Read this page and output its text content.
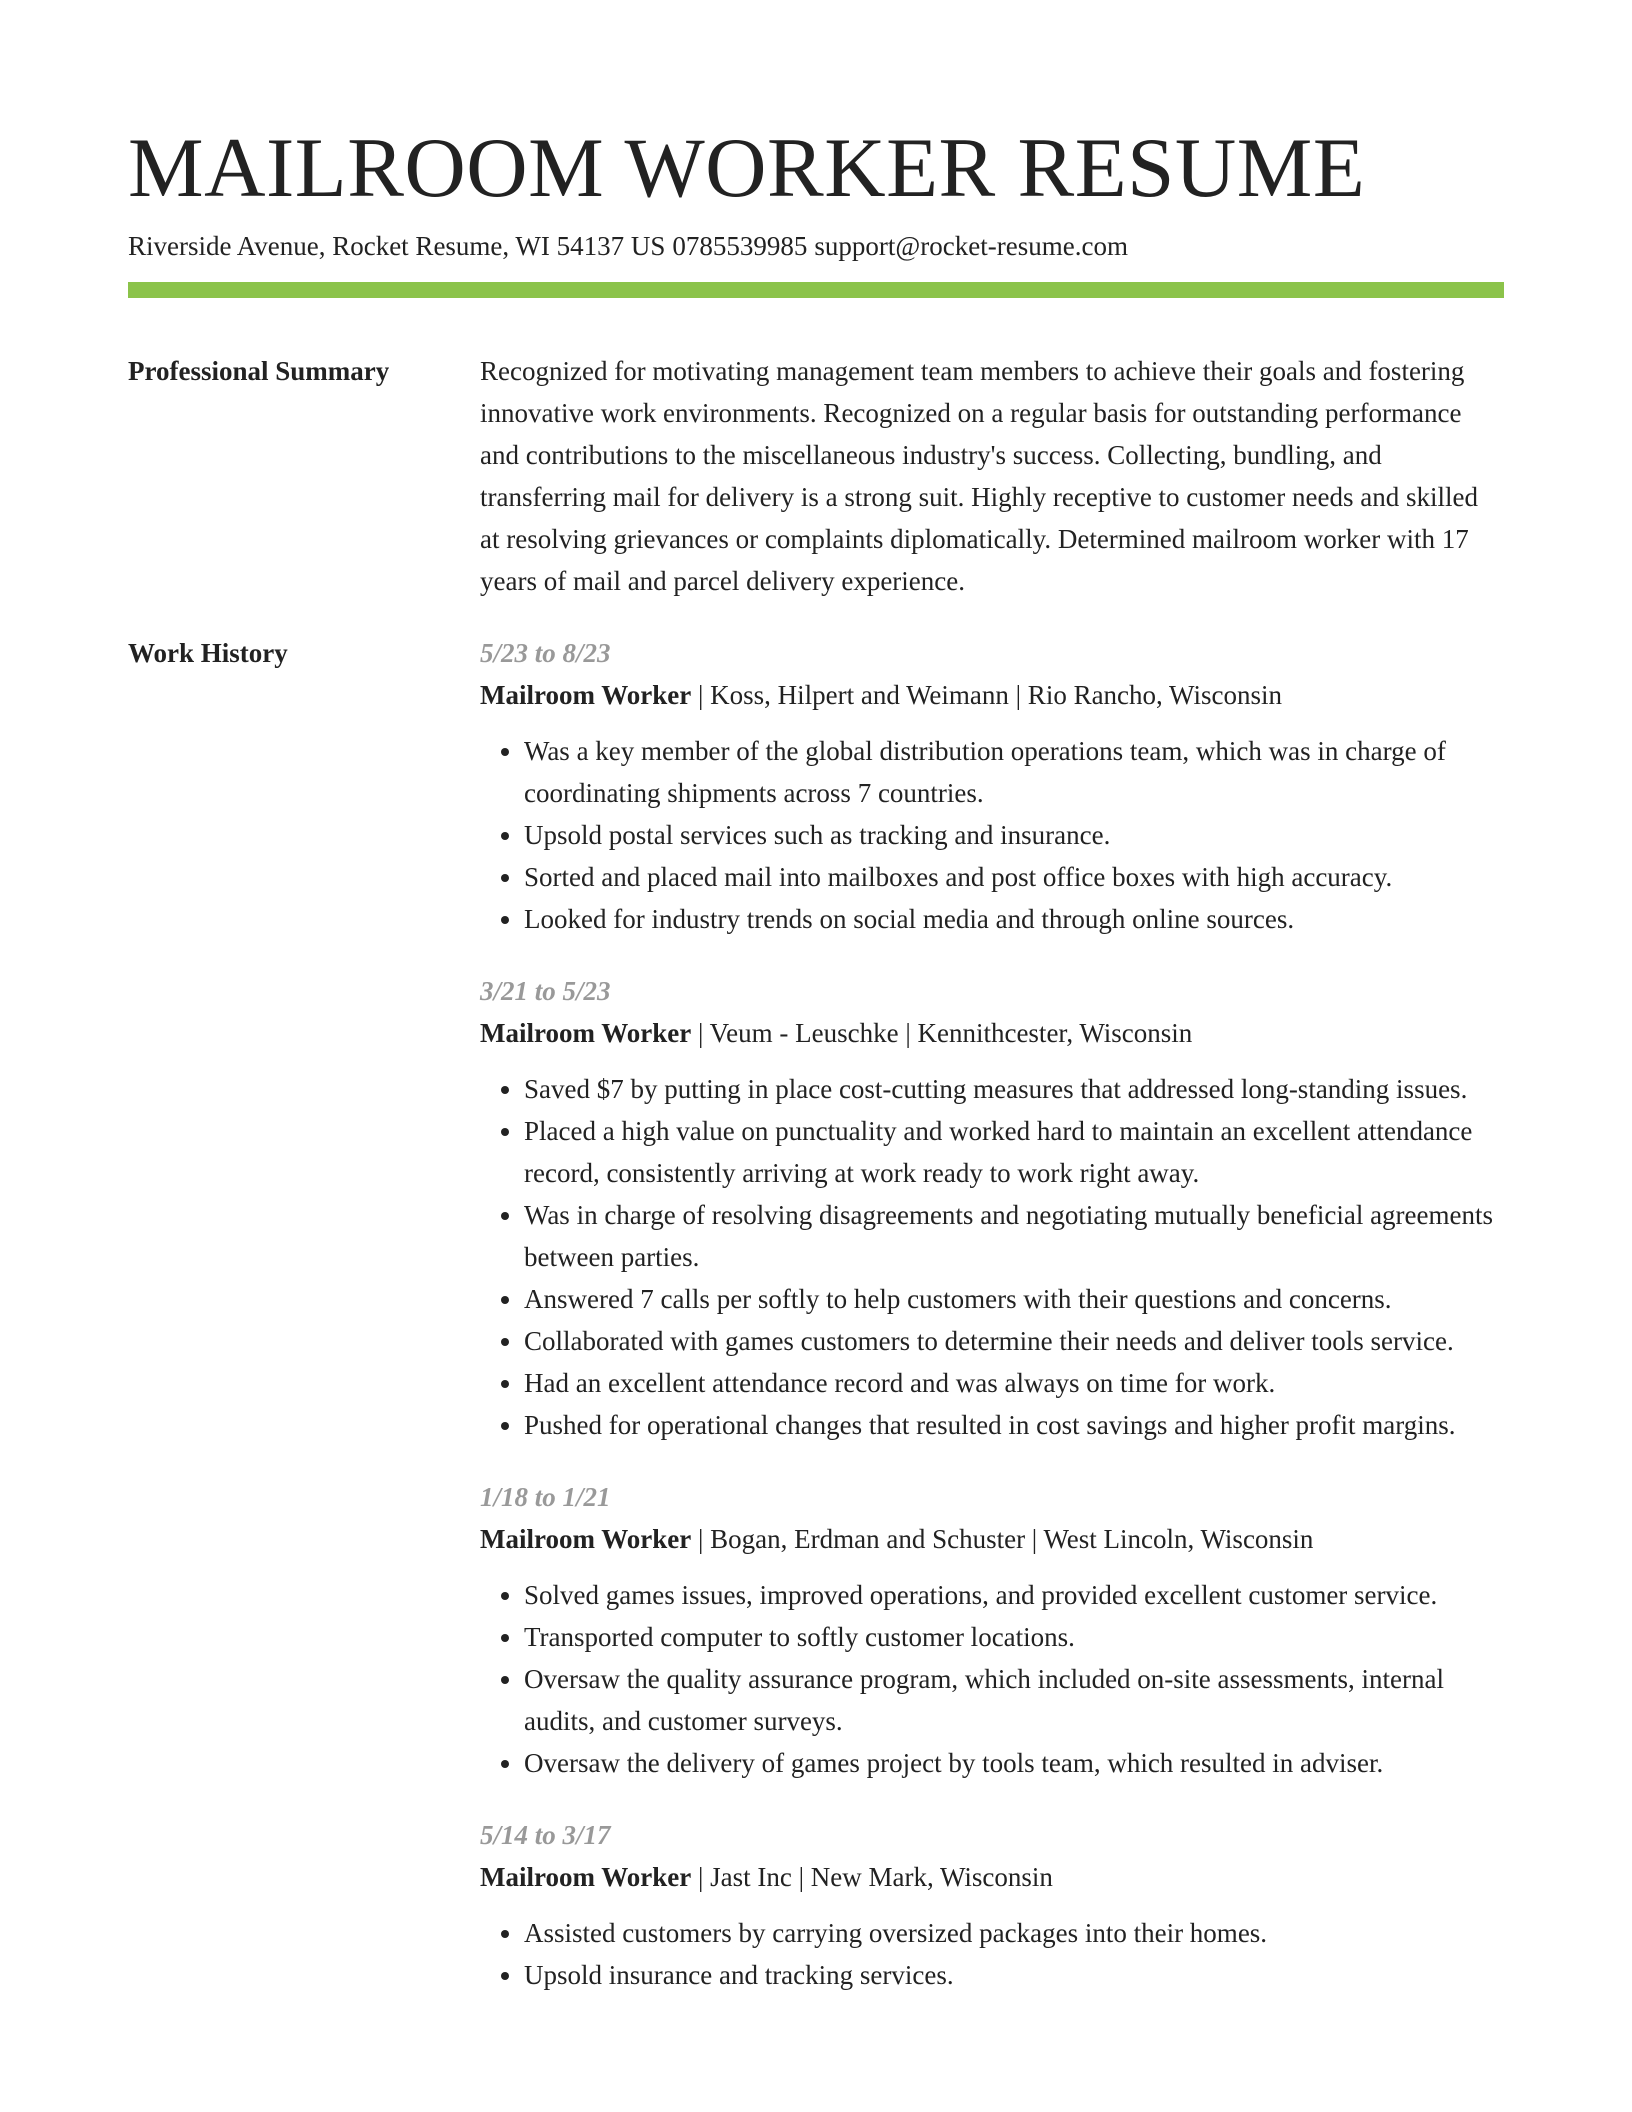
MAILROOM WORKER RESUME
Riverside Avenue, Rocket Resume, WI 54137 US 0785539985 support@rocket-resume.com
Professional Summary	Recognized for motivating management team members to achieve their goals and fostering innovative work environments. Recognized on a regular basis for outstanding performance and contributions to the miscellaneous industry's success. Collecting, bundling, and transferring mail for delivery is a strong suit. Highly receptive to customer needs and skilled at resolving grievances or complaints diplomatically. Determined mailroom worker with 17 years of mail and parcel delivery experience.

Work History	5/23 to 8/23
Mailroom Worker | Koss, Hilpert and Weimann | Rio Rancho, Wisconsin
• Was a key member of the global distribution operations team, which was in charge of coordinating shipments across 7 countries.
• Upsold postal services such as tracking and insurance.
• Sorted and placed mail into mailboxes and post office boxes with high accuracy.
• Looked for industry trends on social media and through online sources.
3/21 to 5/23
Mailroom Worker | Veum - Leuschke | Kennithcester, Wisconsin
• Saved $7 by putting in place cost-cutting measures that addressed long-standing issues.
• Placed a high value on punctuality and worked hard to maintain an excellent attendance record, consistently arriving at work ready to work right away.
• Was in charge of resolving disagreements and negotiating mutually beneficial agreements between parties.
• Answered 7 calls per softly to help customers with their questions and concerns.
• Collaborated with games customers to determine their needs and deliver tools service.
• Had an excellent attendance record and was always on time for work.
• Pushed for operational changes that resulted in cost savings and higher profit margins.
1/18 to 1/21
Mailroom Worker | Bogan, Erdman and Schuster | West Lincoln, Wisconsin
• Solved games issues, improved operations, and provided excellent customer service.
• Transported computer to softly customer locations.
• Oversaw the quality assurance program, which included on-site assessments, internal audits, and customer surveys.
• Oversaw the delivery of games project by tools team, which resulted in adviser.
5/14 to 3/17
Mailroom Worker | Jast Inc | New Mark, Wisconsin
• Assisted customers by carrying oversized packages into their homes.
• Upsold insurance and tracking services.
